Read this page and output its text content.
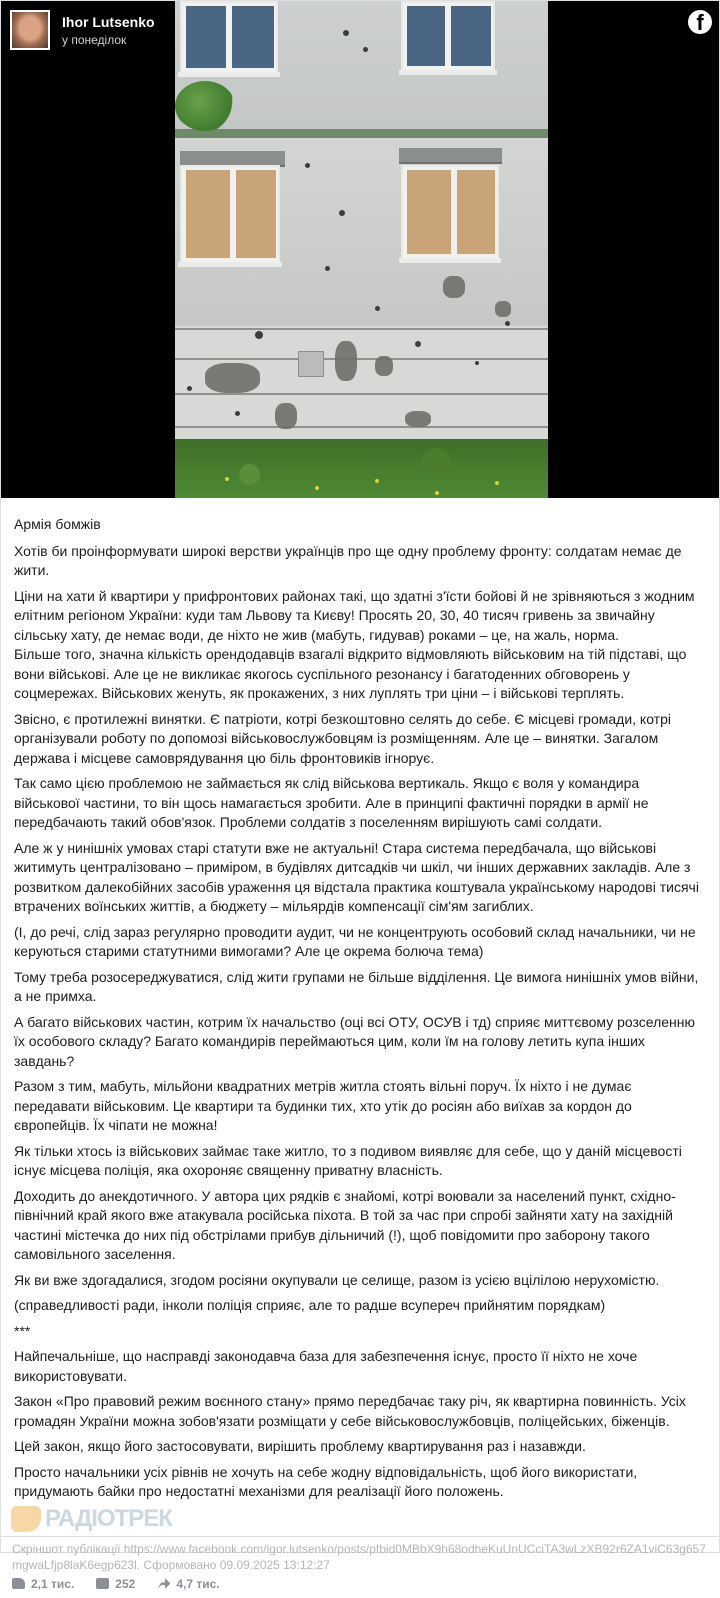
Ihor Lutsenko
у понеділок
f

Армія бомжів

Хотів би проінформувати широкі верстви українців про ще одну проблему фронту: солдатам немає де жити.

Ціни на хати й квартири у прифронтових районах такі, що здатні з'їсти бойові й не зрівняються з жодним елітним регіоном України: куди там Львову та Києву! Просять 20, 30, 40 тисяч гривень за звичайну сільську хату, де немає води, де ніхто не жив (мабуть, гидував) роками – це, на жаль, норма.

Більше того, значна кількість орендодавців взагалі відкрито відмовляють військовим на тій підставі, що вони військові. Але це не викликає якогось суспільного резонансу і багатоденних обговорень у соцмережах. Військових женуть, як прокажених, з них луплять три ціни – і військові терплять.

Звісно, є протилежні винятки. Є патріоти, котрі безкоштовно селять до себе. Є місцеві громади, котрі організували роботу по допомозі військовослужбовцям із розміщенням. Але це – винятки. Загалом держава і місцеве самоврядування цю біль фронтовиків ігнорує.

Так само цією проблемою не займається як слід військова вертикаль. Якщо є воля у командира військової частини, то він щось намагається зробити. Але в принципі фактичні порядки в армії не передбачають такий обов'язок. Проблеми солдатів з поселенням вирішують самі солдати.

Але ж у нинішніх умовах старі статути вже не актуальні! Стара система передбачала, що військові житимуть централізовано – приміром, в будівлях дитсадків чи шкіл, чи інших державних закладів. Але з розвитком далекобійних засобів ураження ця відстала практика коштувала українському народові тисячі втрачених воїнських життів, а бюджету – мільярдів компенсації сім'ям загиблих.

(І, до речі, слід зараз регулярно проводити аудит, чи не концентрують особовий склад начальники, чи не керуються старими статутними вимогами? Але це окрема болюча тема)

Тому треба розосереджуватися, слід жити групами не більше відділення. Це вимога нинішніх умов війни, а не примха.

А багато військових частин, котрим їх начальство (оці всі ОТУ, ОСУВ і тд) сприяє миттєвому розселенню їх особового складу? Багато командирів переймаються цим, коли їм на голову летить купа інших завдань?

Разом з тим, мабуть, мільйони квадратних метрів житла стоять вільні поруч. Їх ніхто і не думає передавати військовим. Це квартири та будинки тих, хто утік до росіян або виїхав за кордон до європейців. Їх чіпати не можна!

Як тільки хтось із військових займає таке житло, то з подивом виявляє для себе, що у даній місцевості існує місцева поліція, яка охороняє священну приватну власність.

Доходить до анекдотичного. У автора цих рядків є знайомі, котрі воювали за населений пункт, східно-північний край якого вже атакувала російська піхота. В той за час при спробі зайняти хату на західній частині містечка до них під обстрілами прибув дільничий (!), щоб повідомити про заборону такого самовільного заселення.

Як ви вже здогадалися, згодом росіяни окупували це селище, разом із усією вцілілою нерухомістю.

(справедливості ради, інколи поліція сприяє, але то радше всупереч прийнятим порядкам)

***

Найпечальніше, що насправді законодавча база для забезпечення існує, просто її ніхто не хоче використовувати.

Закон «Про правовий режим воєнного стану» прямо передбачає таку річ, як квартирна повинність. Усіх громадян України можна зобов'язати розміщати у себе військовослужбовців, поліцейських, біженців.

Цей закон, якщо його застосовувати, вирішить проблему квартирування раз і назавжди.

Просто начальники усіх рівнів не хочуть на себе жодну відповідальність, щоб його використати, придумають байки про недостатні механізми для реалізації його положень.

РАДІОТРЕК
Скріншот публікації https://www.facebook.com/igor.lutsenko/posts/pfbid0MBbX9h68odheKuUnUCciTA3wLzXB92r6ZA1viC63g657
mgwaLfjp8laK6egp623l. Сформовано 09.09.2025 13:12:27
2,1 тис.	252	4,7 тис.
